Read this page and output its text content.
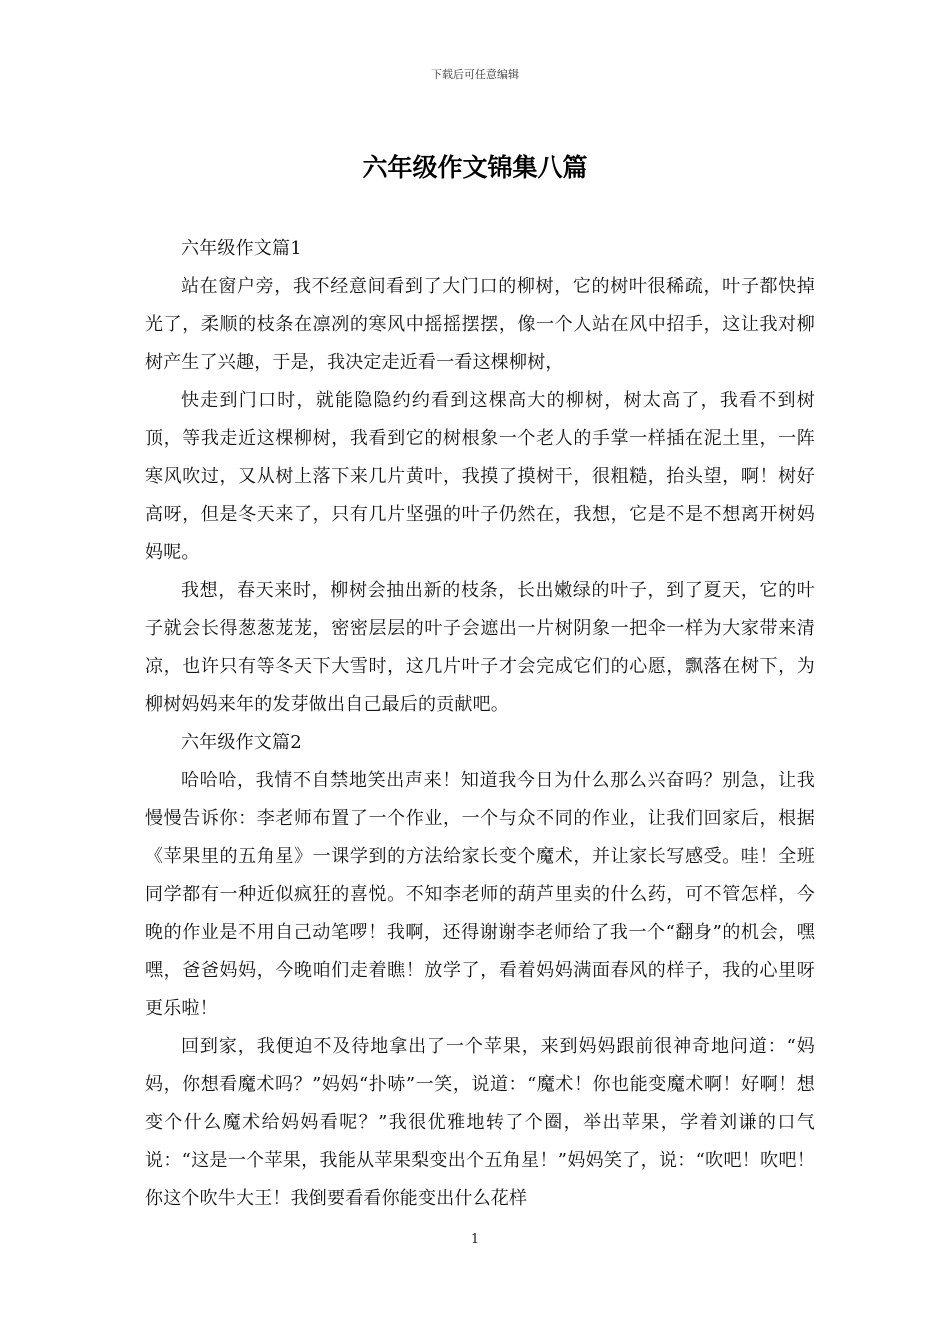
下载后可任意编辑
六年级作文锦集八篇

六年级作文篇1

站在窗户旁，我不经意间看到了大门口的柳树，它的树叶很稀疏，叶子都快掉光了，柔顺的枝条在凛冽的寒风中摇摇摆摆，像一个人站在风中招手，这让我对柳树产生了兴趣，于是，我决定走近看一看这棵柳树，

快走到门口时，就能隐隐约约看到这棵高大的柳树，树太高了，我看不到树顶，等我走近这棵柳树，我看到它的树根象一个老人的手掌一样插在泥土里，一阵寒风吹过，又从树上落下来几片黄叶，我摸了摸树干，很粗糙，抬头望，啊！树好高呀，但是冬天来了，只有几片坚强的叶子仍然在，我想，它是不是不想离开树妈妈呢。

我想，春天来时，柳树会抽出新的枝条，长出嫩绿的叶子，到了夏天，它的叶子就会长得葱葱茏茏，密密层层的叶子会遮出一片树阴象一把伞一样为大家带来清凉，也许只有等冬天下大雪时，这几片叶子才会完成它们的心愿，飘落在树下，为柳树妈妈来年的发芽做出自己最后的贡献吧。

六年级作文篇2

哈哈哈，我情不自禁地笑出声来！知道我今日为什么那么兴奋吗？别急，让我慢慢告诉你：李老师布置了一个作业，一个与众不同的作业，让我们回家后，根据《苹果里的五角星》一课学到的方法给家长变个魔术，并让家长写感受。哇！全班同学都有一种近似疯狂的喜悦。不知李老师的葫芦里卖的什么药，可不管怎样，今晚的作业是不用自己动笔啰！我啊，还得谢谢李老师给了我一个“翻身”的机会，嘿嘿，爸爸妈妈，今晚咱们走着瞧！放学了，看着妈妈满面春风的样子，我的心里呀更乐啦！

回到家，我便迫不及待地拿出了一个苹果，来到妈妈跟前很神奇地问道：“妈妈，你想看魔术吗？”妈妈“扑哧”一笑，说道：“魔术！你也能变魔术啊！好啊！想变个什么魔术给妈妈看呢？”我很优雅地转了个圈，举出苹果，学着刘谦的口气说：“这是一个苹果，我能从苹果梨变出个五角星！”妈妈笑了，说：“吹吧！吹吧！你这个吹牛大王！我倒要看看你能变出什么花样

1
